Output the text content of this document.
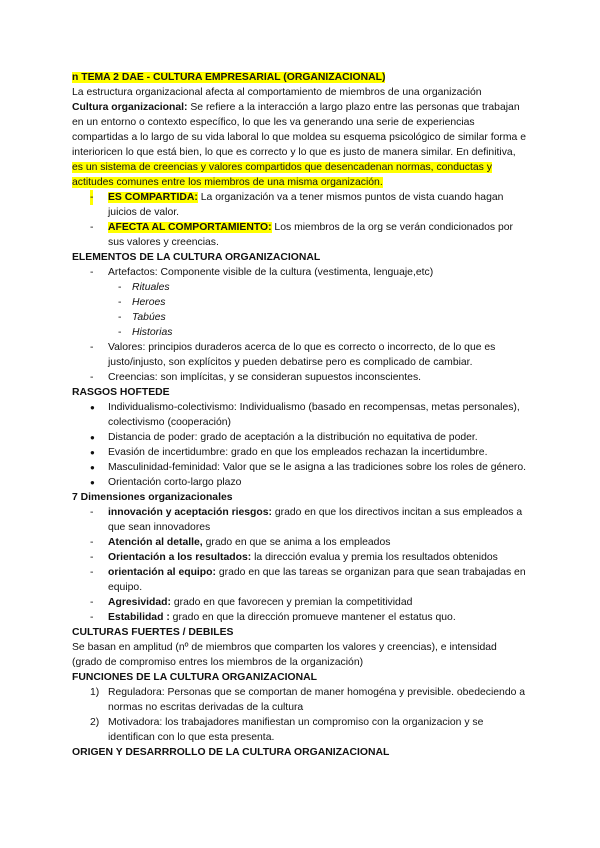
n TEMA 2 DAE - CULTURA EMPRESARIAL (ORGANIZACIONAL)

La estructura organizacional afecta al comportamiento de miembros de una organización

Cultura organizacional: Se refiere a la interacción a largo plazo entre las personas que trabajan en un entorno o contexto específico, lo que les va generando una serie de experiencias compartidas a lo largo de su vida laboral lo que moldea su esquema psicológico de similar forma e interioricen lo que está bien, lo que es correcto y lo que es justo de manera similar. En definitiva, es un sistema de creencias y valores compartidos que desencadenan normas, conductas y actitudes comunes entre los miembros de una misma organización.

- ES COMPARTIDA: La organización va a tener mismos puntos de vista cuando hagan juicios de valor.
- AFECTA AL COMPORTAMIENTO: Los miembros de la org se verán condicionados por sus valores y creencias.

ELEMENTOS DE LA CULTURA ORGANIZACIONAL

- Artefactos: Componente visible de la cultura (vestimenta, lenguaje,etc)
- Rituales
- Heroes
- Tabúes
- Historias
- Valores: principios duraderos acerca de lo que es correcto o incorrecto, de lo que es justo/injusto, son explícitos y pueden debatirse pero es complicado de cambiar.
- Creencias: son implícitas, y se consideran supuestos inconscientes.

RASGOS HOFTEDE

● Individualismo-colectivismo: Individualismo (basado en recompensas, metas personales), colectivismo (cooperación)
● Distancia de poder: grado de aceptación a la distribución no equitativa de poder.
● Evasión de incertidumbre: grado en que los empleados rechazan la incertidumbre.
● Masculinidad-feminidad: Valor que se le asigna a las tradiciones sobre los roles de género.
● Orientación corto-largo plazo

7 Dimensiones organizacionales

- innovación y aceptación riesgos: grado en que los directivos incitan a sus empleados a que sean innovadores
- Atención al detalle, grado en que se anima a los empleados
- Orientación a los resultados: la dirección evalua y premia los resultados obtenidos
- orientación al equipo: grado en que las tareas se organizan para que sean trabajadas en equipo.
- Agresividad: grado en que favorecen y premian la competitividad
- Estabilidad : grado en que la dirección promueve mantener el estatus quo.

CULTURAS FUERTES / DEBILES

Se basan en amplitud (nº de miembros que comparten los valores y creencias), e intensidad (grado de compromiso entres los miembros de la organización)

FUNCIONES DE LA CULTURA ORGANIZACIONAL

1) Reguladora: Personas que se comportan de maner homogéna y previsible. obedeciendo a normas no escritas derivadas de la cultura
2) Motivadora: los trabajadores manifiestan un compromiso con la organizacion y se identifican con lo que esta presenta.

ORIGEN Y DESARRROLLO DE LA CULTURA ORGANIZACIONAL
